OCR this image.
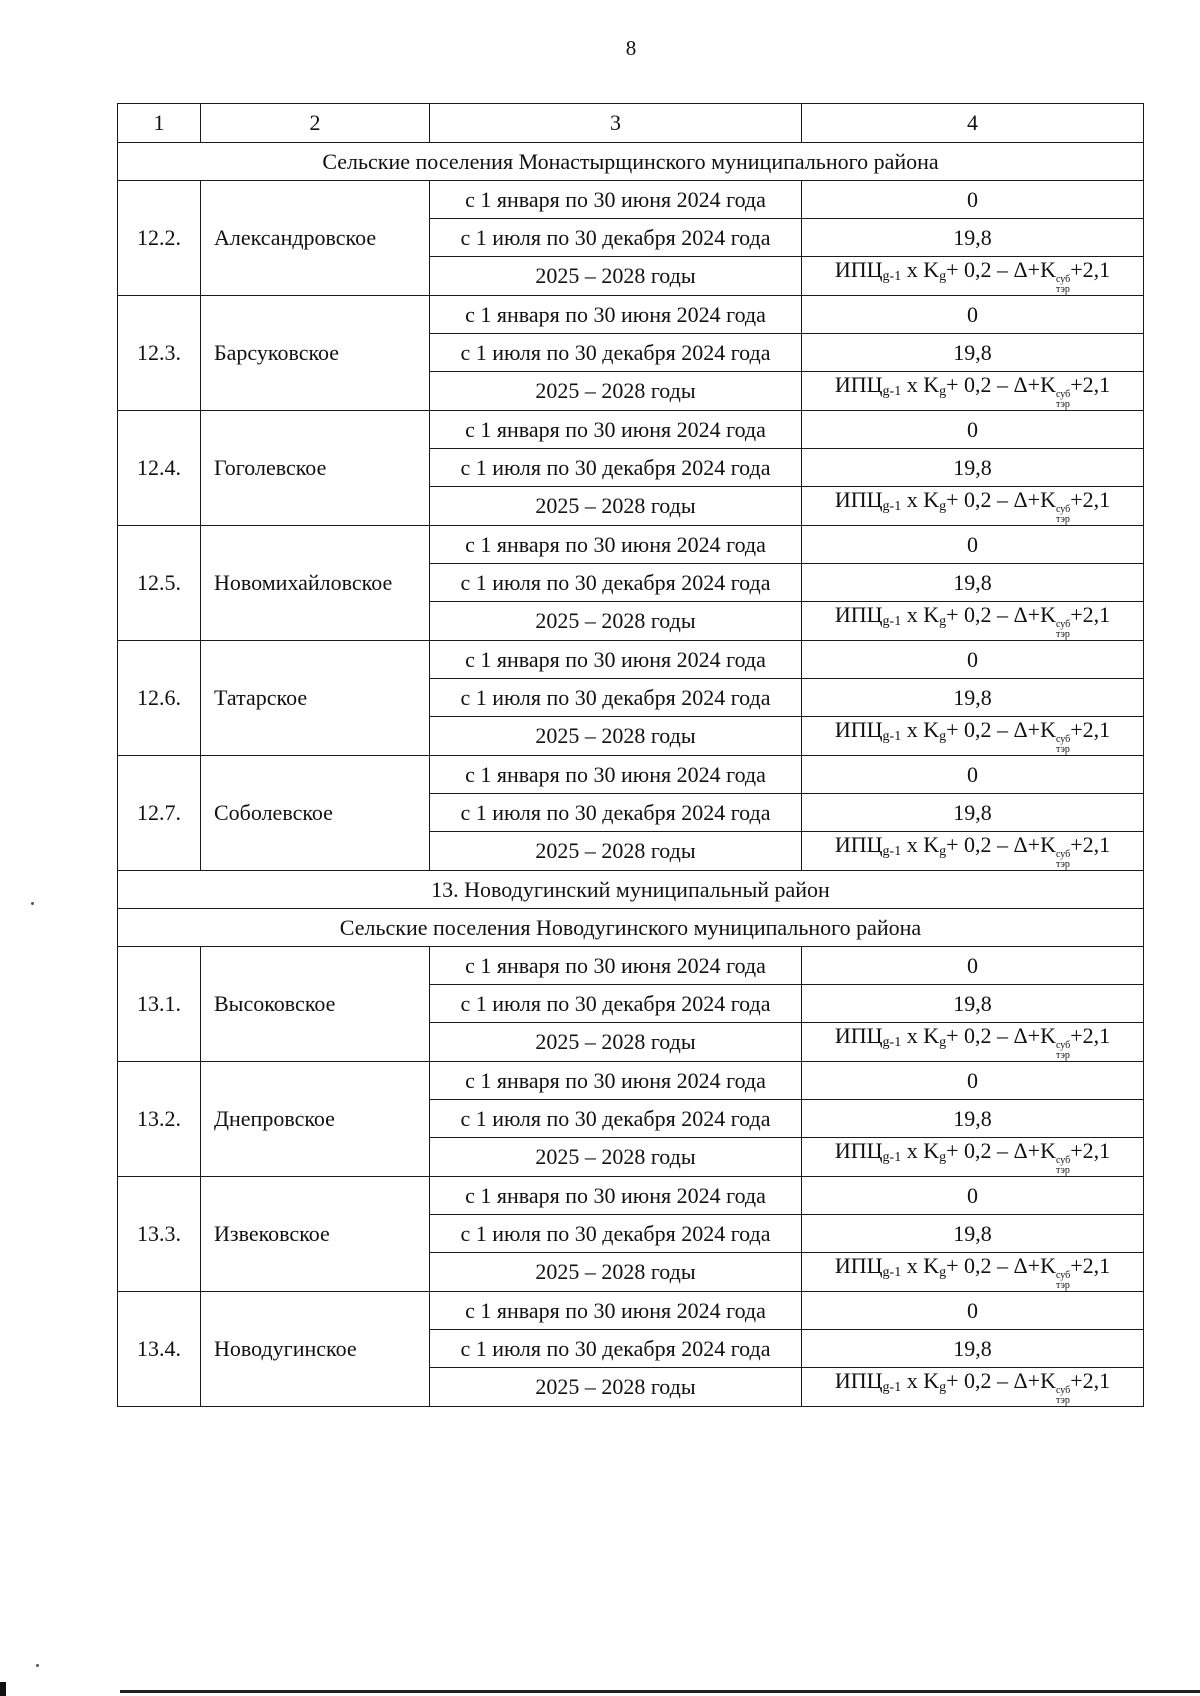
8
1	2	3	4
Сельские поселения Монастырщинского муниципального района			
12.2.	Александровское	с 1 января по 30 июня 2024 года	0
		с 1 июля по 30 декабря 2024 года	19,8
		2025 – 2028 годы	$ИПЦ_{g-1}$ x $K_g+ 0,2 - \Delta+K$ суб
тэр
+2,1
12.3.	Барсуковское	с 1 января по 30 июня 2024 года	0
		с 1 июля по 30 декабря 2024 года	19,8
		2025 – 2028 годы	$ИПЦ_{g-1}$ x $K_g+ 0,2 - \Delta+K$ суб
тэр
+2,1
12.4.	Гоголевское	с 1 января по 30 июня 2024 года	0
		с 1 июля по 30 декабря 2024 года	19,8
		2025 – 2028 годы	$ИПЦ_{g-1}$ x $K_g+ 0,2 - \Delta+K$ суб
тэр
+2,1
12.5.	Новомихайловское	с 1 января по 30 июня 2024 года	0
		с 1 июля по 30 декабря 2024 года	19,8
		2025 – 2028 годы	$ИПЦ_{g-1}$ x $K_g+ 0,2 - \Delta+K$ суб
тэр
+2,1
12.6.	Татарское	с 1 января по 30 июня 2024 года	0
		с 1 июля по 30 декабря 2024 года	19,8
		2025 – 2028 годы	$ИПЦ_{g-1}$ x $K_g+ 0,2 - \Delta+K$ суб
тэр
+2,1
12.7.	Соболевское	с 1 января по 30 июня 2024 года	0
		с 1 июля по 30 декабря 2024 года	19,8
		2025 – 2028 годы	$ИПЦ_{g-1}$ x $K_g+ 0,2 - \Delta+K$ суб
тэр
+2,1
13. Новодугинский муниципальный район			
Сельские поселения Новодугинского муниципального района			
13.1.	Высоковское	с 1 января по 30 июня 2024 года	0
		с 1 июля по 30 декабря 2024 года	19,8
		2025 – 2028 годы	$ИПЦ_{g-1}$ x $K_g+ 0,2 - \Delta+K$ суб
тэр
+2,1
13.2.	Днепровское	с 1 января по 30 июня 2024 года	0
		с 1 июля по 30 декабря 2024 года	19,8
		2025 – 2028 годы	$ИПЦ_{g-1}$ x $K_g+ 0,2 - \Delta+K$ суб
тэр
+2,1
13.3.	Извековское	с 1 января по 30 июня 2024 года	0
		с 1 июля по 30 декабря 2024 года	19,8
		2025 – 2028 годы	$ИПЦ_{g-1}$ x $K_g+ 0,2 - \Delta+K$ суб
тэр
+2,1
13.4.	Новодугинское	с 1 января по 30 июня 2024 года	0
		с 1 июля по 30 декабря 2024 года	19,8
		2025 – 2028 годы	$ИПЦ_{g-1}$ x $K_g+ 0,2 - \Delta+K$ суб
тэр
+2,1
